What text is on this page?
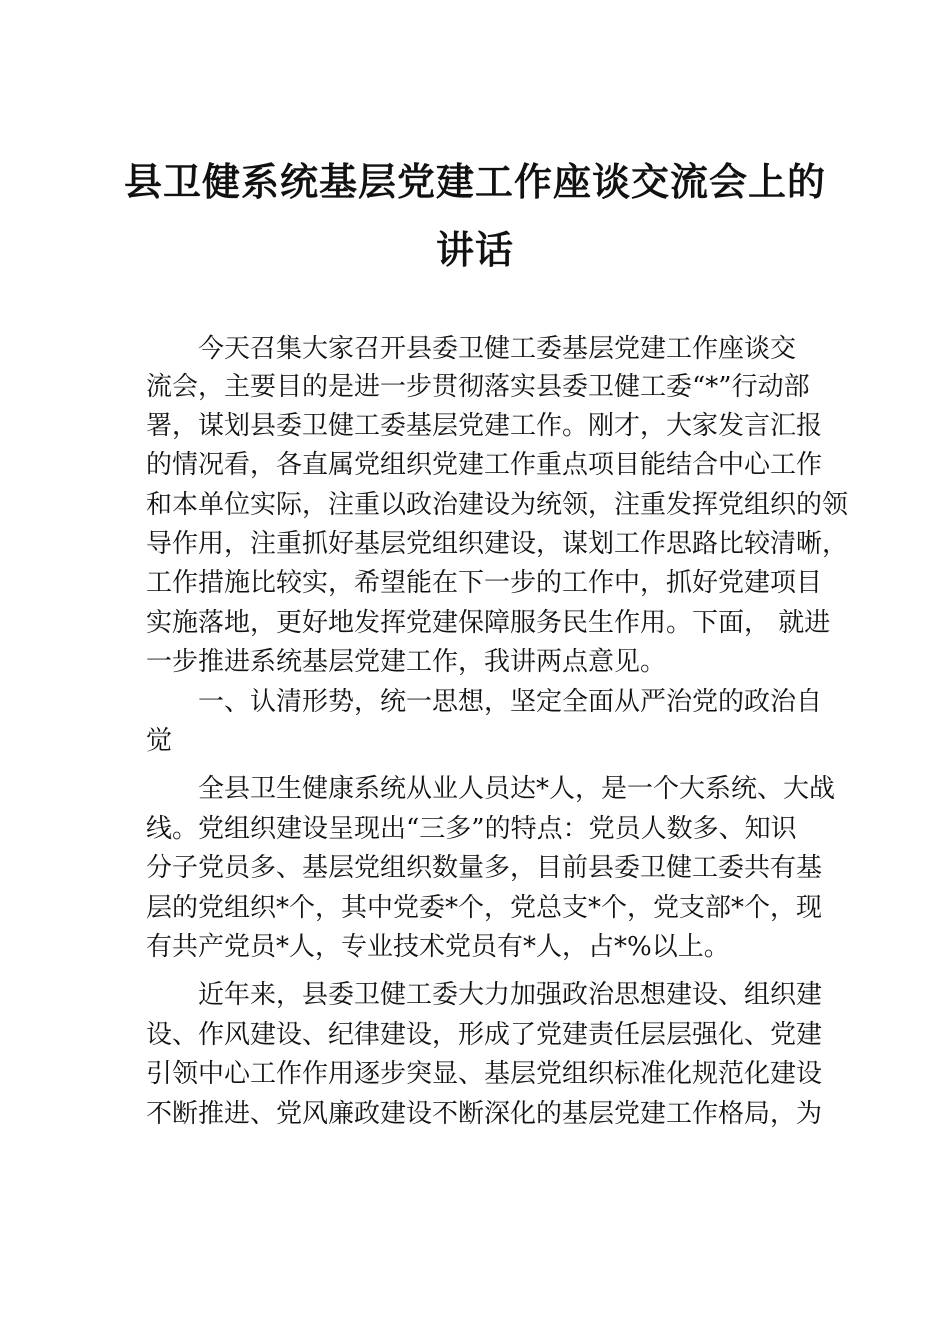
县卫健系统基层党建工作座谈交流会上的
讲话
今天召集大家召开县委卫健工委基层党建工作座谈交
流会，主要目的是进一步贯彻落实县委卫健工委“*”行动部
署，谋划县委卫健工委基层党建工作。刚才，大家发言汇报
的情况看，各直属党组织党建工作重点项目能结合中心工作
和本单位实际，注重以政治建设为统领，注重发挥党组织的领
导作用，注重抓好基层党组织建设，谋划工作思路比较清晰，
工作措施比较实，希望能在下一步的工作中，抓好党建项目
实施落地，更好地发挥党建保障服务民生作用。下面， 就进
一步推进系统基层党建工作，我讲两点意见。
一、认清形势，统一思想，坚定全面从严治党的政治自
觉
全县卫生健康系统从业人员达*人，是一个大系统、大战
线。党组织建设呈现出“三多”的特点：党员人数多、知识
分子党员多、基层党组织数量多，目前县委卫健工委共有基
层的党组织*个，其中党委*个，党总支*个，党支部*个，现
有共产党员*人，专业技术党员有*人，占*%以上。
近年来，县委卫健工委大力加强政治思想建设、组织建
设、作风建设、纪律建设，形成了党建责任层层强化、党建
引领中心工作作用逐步突显、基层党组织标准化规范化建设
不断推进、党风廉政建设不断深化的基层党建工作格局，为
